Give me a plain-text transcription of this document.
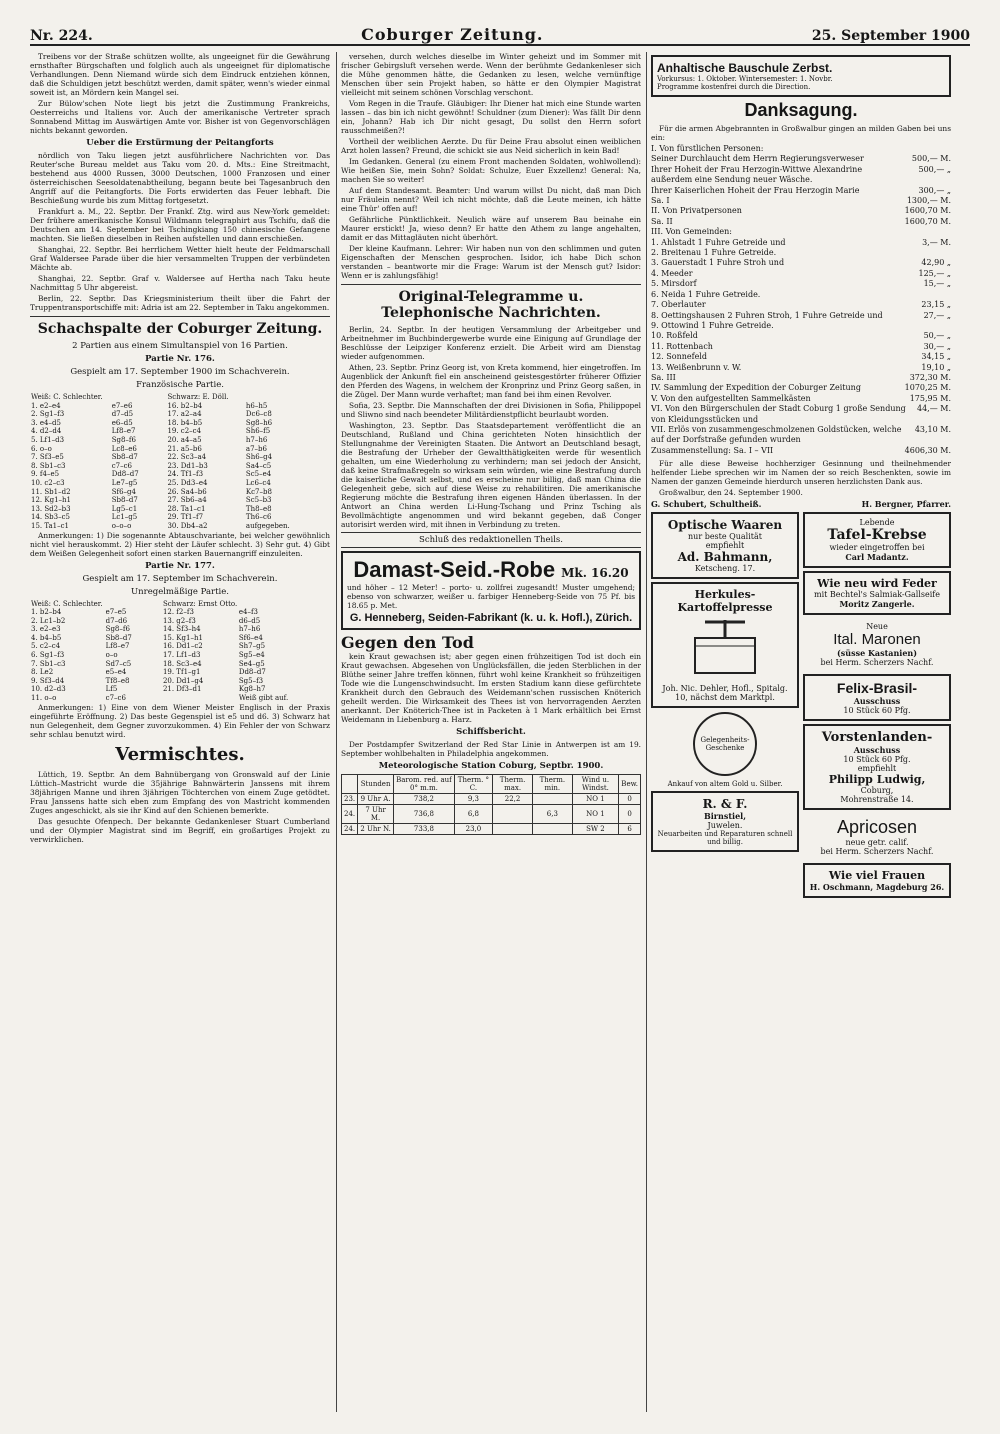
Nr. 224.	Coburger Zeitung.	25. September 1900

Treibens vor der Straße schützen wollte, als ungeeignet für die Gewährung ernsthafter Bürgschaften und folglich auch als ungeeignet für diplomatische Verhandlungen. Denn Niemand würde sich dem Eindruck entziehen können, daß die Schuldigen jetzt beschützt werden, damit später, wenn's wieder einmal soweit ist, an Mördern kein Mangel sei.

Zur Bülow'schen Note liegt bis jetzt die Zustimmung Frankreichs, Oesterreichs und Italiens vor. Auch der amerikanische Vertreter sprach Sonnabend Mittag im Auswärtigen Amte vor. Bisher ist von Gegenvorschlägen nichts bekannt geworden.

Ueber die Erstürmung der Peitangforts

nördlich von Taku liegen jetzt ausführlichere Nachrichten vor. Das Reuter'sche Bureau meldet aus Taku vom 20. d. Mts.: Eine Streitmacht, bestehend aus 4000 Russen, 3000 Deutschen, 1000 Franzosen und einer österreichischen Seesoldatenabtheilung, begann beute bei Tagesanbruch den Angriff auf die Peitangforts. Die Forts erwiderten das Feuer lebhaft. Die Beschießung wurde bis zum Mittag fortgesetzt.

Frankfurt a. M., 22. Septbr. Der Frankf. Ztg. wird aus New-York gemeldet: Der frühere amerikanische Konsul Wildmann telegraphirt aus Tschifu, daß die Deutschen am 14. September bei Tschingkiang 150 chinesische Gefangene machten. Sie ließen dieselben in Reihen aufstellen und dann erschießen.

Shanghai, 22. Septbr. Bei herrlichem Wetter hielt heute der Feldmarschall Graf Waldersee Parade über die hier versammelten Truppen der verbündeten Mächte ab.

Shanghai, 22. Septbr. Graf v. Waldersee auf Hertha nach Taku heute Nachmittag 5 Uhr abgereist.

Berlin, 22. Septbr. Das Kriegsministerium theilt über die Fahrt der Truppentransportschiffe mit: Adria ist am 22. September in Taku angekommen.

Schachspalte der Coburger Zeitung.
2 Partien aus einem Simultanspiel von 16 Partien.
Partie Nr. 176.
Gespielt am 17. September 1900 im Schachverein.
Französische Partie.
Weiß: C. Schlechter.		Schwarz: E. Döll.	
1. e2–e4	e7–e6	16. b2–b4	h6–h5
2. Sg1–f3	d7–d5	17. a2–a4	Dc6–c8
3. e4–d5	e6–d5	18. b4–b5	Sg8–h6
4. d2–d4	Lf8–e7	19. c2–c4	Sh6–f5
5. Lf1–d3	Sg8–f6	20. a4–a5	h7–h6
6. o–o	Lc8–e6	21. a5–b6	a7–b6
7. Sf3–e5	Sb8–d7	22. Sc3–a4	Sh6–g4
8. Sb1–c3	c7–c6	23. Dd1–b3	Sa4–c5
9. f4–e5	Dd8–d7	24. Tf1–f3	Sc5–e4
10. c2–c3	Le7–g5	25. Dd3–e4	Lc6–c4
11. Sb1–d2	Sf6–g4	26. Sa4–b6	Kc7–b8
12. Kg1–h1	Sb8–d7	27. Sb6–a4	Sc5–b3
13. Sd2–b3	Lg5–c1	28. Ta1–c1	Th8–e8
14. Sb3–c5	Lc1–g5	29. Tf1–f7	Th6–c6
15. Ta1–c1	o–o–o	30. Db4–a2	aufgegeben.

Anmerkungen: 1) Die sogenannte Abtauschvariante, bei welcher gewöhnlich nicht viel herauskommt. 2) Hier steht der Läufer schlecht. 3) Sehr gut. 4) Gibt dem Weißen Gelegenheit sofort einen starken Bauernangriff einzuleiten.

Partie Nr. 177.
Gespielt am 17. September im Schachverein.
Unregelmäßige Partie.
Weiß: C. Schlechter.		Schwarz: Ernst Otto.	
1. b2–b4	e7–e5	12. f2–f3	e4–f3
2. Lc1–b2	d7–d6	13. g2–f3	d6–d5
3. e2–e3	Sg8–f6	14. Sf3–h4	h7–h6
4. b4–b5	Sb8–d7	15. Kg1–h1	Sf6–e4
5. c2–c4	Lf8–e7	16. Dd1–c2	Sh7–g5
6. Sg1–f3	o–o	17. Lf1–d3	Sg5–e4
7. Sb1–c3	Sd7–c5	18. Sc3–e4	Se4–g5
8. Le2	e5–e4	19. Tf1–g1	Dd8–d7
9. Sf3–d4	Tf8–e8	20. Dd1–g4	Sg5–f3
10. d2–d3	Lf5	21. Df3–d1	Kg8–h7
11. o–o	c7–c6		Weiß gibt auf.

Anmerkungen: 1) Eine von dem Wiener Meister Englisch in der Praxis eingeführte Eröffnung. 2) Das beste Gegenspiel ist e5 und d6. 3) Schwarz hat nun Gelegenheit, dem Gegner zuvorzukommen. 4) Ein Fehler der von Schwarz sehr schlau benutzt wird.

Vermischtes.

Lüttich, 19. Septbr. An dem Bahnübergang von Gronswald auf der Linie Lüttich–Mastricht wurde die 35jährige Bahnwärterin Janssens mit ihrem 38jährigen Manne und ihren 3jährigen Töchterchen von einem Zuge getödtet. Frau Janssens hatte sich eben zum Empfang des von Mastricht kommenden Zuges angeschickt, als sie ihr Kind auf den Schienen bemerkte.

Das gesuchte Ofenpech. Der bekannte Gedankenleser Stuart Cumberland und der Olympier Magistrat sind im Begriff, ein großartiges Projekt zu verwirklichen.

versehen, durch welches dieselbe im Winter geheizt und im Sommer mit frischer Gebirgsluft versehen werde. Wenn der berühmte Gedankenleser sich die Mühe genommen hätte, die Gedanken zu lesen, welche vernünftige Menschen über sein Projekt haben, so hätte er den Olympier Magistrat vielleicht mit seinem schönen Vorschlag verschont.

Vom Regen in die Traufe. Gläubiger: Ihr Diener hat mich eine Stunde warten lassen – das bin ich nicht gewöhnt! Schuldner (zum Diener): Was fällt Dir denn ein, Johann? Hab ich Dir nicht gesagt, Du sollst den Herrn sofort rausschmeißen?!

Vortheil der weiblichen Aerzte. Du für Deine Frau absolut einen weiblichen Arzt holen lassen? Freund, die schickt sie aus Neid sicherlich in kein Bad!

Im Gedanken. General (zu einem Front machenden Soldaten, wohlwollend): Wie heißen Sie, mein Sohn? Soldat: Schulze, Euer Exzellenz! General: Na, machen Sie so weiter!

Auf dem Standesamt. Beamter: Und warum willst Du nicht, daß man Dich nur Fräulein nennt? Weil ich nicht möchte, daß die Leute meinen, ich hätte eine Thür' offen auf!

Gefährliche Pünktlichkeit. Neulich wäre auf unserem Bau beinahe ein Maurer erstickt! Ja, wieso denn? Er hatte den Athem zu lange angehalten, damit er das Mittagläuten nicht überhört.

Der kleine Kaufmann. Lehrer: Wir haben nun von den schlimmen und guten Eigenschaften der Menschen gesprochen. Isidor, ich habe Dich schon verstanden – beantworte mir die Frage: Warum ist der Mensch gut? Isidor: Wenn er is zahlungsfähig!

Original-Telegramme u. Telephonische Nachrichten.

Berlin, 24. Septbr. In der heutigen Versammlung der Arbeitgeber und Arbeitnehmer im Buchbindergewerbe wurde eine Einigung auf Grundlage der Beschlüsse der Leipziger Konferenz erzielt. Die Arbeit wird am Dienstag wieder aufgenommen.

Athen, 23. Septbr. Prinz Georg ist, von Kreta kommend, hier eingetroffen. Im Augenblick der Ankunft fiel ein anscheinend geistesgestörter früherer Offizier den Pferden des Wagens, in welchem der Kronprinz und Prinz Georg saßen, in die Zügel. Der Mann wurde verhaftet; man fand bei ihm einen Revolver.

Sofia, 23. Septbr. Die Mannschaften der drei Divisionen in Sofia, Philippopel und Sliwno sind nach beendeter Militärdienstpflicht beurlaubt worden.

Washington, 23. Septbr. Das Staatsdepartement veröffentlicht die an Deutschland, Rußland und China gerichteten Noten hinsichtlich der Stellungnahme der Vereinigten Staaten. Die Antwort an Deutschland besagt, die Bestrafung der Urheber der Gewaltthätigkeiten werde für wesentlich gehalten, um eine Wiederholung zu verhindern; man sei jedoch der Ansicht, daß keine Strafmaßregeln so wirksam sein würden, wie eine Bestrafung durch die kaiserliche Gewalt selbst, und es erscheine nur billig, daß man China die Gelegenheit gebe, sich auf diese Weise zu rehabilitiren. Die amerikanische Regierung möchte die Bestrafung ihren eigenen Händen überlassen. In der Antwort an China werden Li-Hung-Tschang und Prinz Tsching als Bevollmächtigte angenommen und wird bekannt gegeben, daß Conger autorisirt werden wird, mit ihnen in Verbindung zu treten.

Schluß des redaktionellen Theils.
Damast-Seid.-Robe Mk. 16.20

und höher – 12 Meter! – porto- u. zollfrei zugesandt! Muster umgehend; ebenso von schwarzer, weißer u. farbiger Henneberg-Seide von 75 Pf. bis 18.65 p. Met.

G. Henneberg, Seiden-Fabrikant (k. u. k. Hofl.), Zürich.
Gegen den Tod

kein Kraut gewachsen ist; aber gegen einen frühzeitigen Tod ist doch ein Kraut gewachsen. Abgesehen von Unglücksfällen, die jeden Sterblichen in der Blüthe seiner Jahre treffen können, führt wohl keine Krankheit so frühzeitigen Tode wie die Lungenschwindsucht. Im ersten Stadium kann diese gefürchtete Krankheit durch den Gebrauch des Weidemann'schen russischen Knöterich geheilt werden. Die Wirksamkeit des Thees ist von hervorragenden Aerzten anerkannt. Der Knöterich-Thee ist in Packeten à 1 Mark erhältlich bei Ernst Weidemann in Liebenburg a. Harz.

Schiffsbericht.

Der Postdampfer Switzerland der Red Star Linie in Antwerpen ist am 19. September wohlbehalten in Philadelphia angekommen.

Meteorologische Station Coburg, Septbr. 1900.
	Stunden	Barom. red. auf 0° m.m.	Therm. ° C.	Therm. max.	Therm. min.	Wind u. Windst.	Bew.
23.	9 Uhr A.	738,2	9,3	22,2		NO 1	0
24.	7 Uhr M.	736,8	6,8		6,3	NO 1	0
24.	2 Uhr N.	733,8	23,0			SW 2	6
Anhaltische Bauschule Zerbst.
Vorkursus: 1. Oktober. Wintersemester: 1. Novbr.
Programme kostenfrei durch die Direction.
Danksagung.

Für die armen Abgebrannten in Großwalbur gingen an milden Gaben bei uns ein:

I. Von fürstlichen Personen:
Seiner Durchlaucht dem Herrn Regierungsverweser	500,— M.
Ihrer Hoheit der Frau Herzogin-Wittwe Alexandrine	500,— „
außerdem eine Sendung neuer Wäsche.
Ihrer Kaiserlichen Hoheit der Frau Herzogin Marie	300,— „
Sa. I	1300,— M.
II. Von Privatpersonen	1600,70 M.
Sa. II	1600,70 M.
III. Von Gemeinden:
1. Ahlstadt 1 Fuhre Getreide und	3,— M.
2. Breitenau 1 Fuhre Getreide.
3. Gauerstadt 1 Fuhre Stroh und	42,90 „
4. Meeder	125,— „
5. Mirsdorf	15,— „
6. Neida 1 Fuhre Getreide.
7. Oberlauter	23,15 „
8. Oettingshausen 2 Fuhren Stroh, 1 Fuhre Getreide und	27,— „
9. Ottowind 1 Fuhre Getreide.
10. Roßfeld	50,— „
11. Rottenbach	30,— „
12. Sonnefeld	34,15 „
13. Weißenbrunn v. W.	19,10 „
Sa. III	372,30 M.
IV. Sammlung der Expedition der Coburger Zeitung	1070,25 M.
V. Von den aufgestellten Sammelkästen	175,95 M.
VI. Von den Bürgerschulen der Stadt Coburg 1 große Sendung von Kleidungsstücken und
44,— M.
VII. Erlös von zusammengeschmolzenen Goldstücken, welche auf der Dorfstraße gefunden wurden
43,10 M.
Zusammenstellung: Sa. I – VII	4606,30 M.

Für alle diese Beweise hochherziger Gesinnung und theilnehmender helfender Liebe sprechen wir im Namen der so reich Beschenkten, sowie im Namen der ganzen Gemeinde hierdurch unseren herzlichsten Dank aus.

Großwalbur, den 24. September 1900.

G. Schubert, Schultheiß.	H. Bergner, Pfarrer.
Optische Waaren
nur beste Qualität
empfiehlt
Ad. Bahmann,
Ketscheng. 17.
Herkules-Kartoffelpresse
Joh. Nic. Dehler, Hofl., Spitalg. 10, nächst dem Marktpl.
Gelegenheits-Geschenke
Ankauf von altem Gold u. Silber.
R. & F.
Birnstiel,
Juwelen.
Neuarbeiten und Reparaturen schnell und billig.
Lebende
Tafel-Krebse
wieder eingetroffen bei
Carl Madantz.
Wie neu wird Feder
mit Bechtel's Salmiak-Gallseife
Moritz Zangerle.
Neue
Ital. Maronen
(süsse Kastanien)
bei Herm. Scherzers Nachf.
Felix-Brasil-
Ausschuss
10 Stück 60 Pfg.
Vorstenlanden-
Ausschuss
10 Stück 60 Pfg.
empfiehlt
Philipp Ludwig,
Coburg,
Mohrenstraße 14.
Apricosen
neue getr. calif.
bei Herm. Scherzers Nachf.
Wie viel Frauen
H. Oschmann, Magdeburg 26.
